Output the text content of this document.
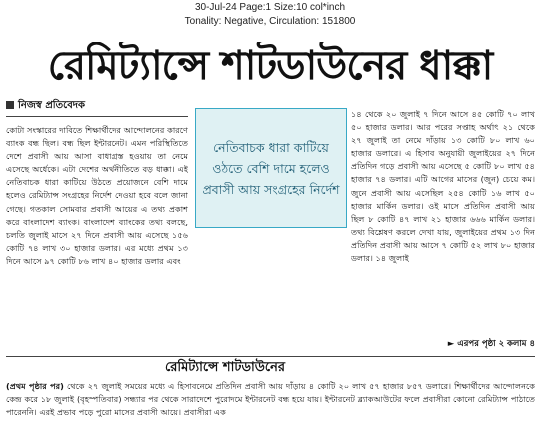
30-Jul-24 Page:1 Size:10 col*inch
Tonality: Negative, Circulation: 151800
রেমিট্যান্সে শাটডাউনের ধাক্কা
নিজস্ব প্রতিবেদক
কোটা সংস্কারের দাবিতে শিক্ষার্থীদের আন্দোলনের কারণে ব্যাংক বন্ধ ছিল। বন্ধ ছিল ইন্টারনেট। এমন পরিস্থিতিতে দেশে প্রবাসী আয় আসা বাধাগ্রস্ত হওয়ায় তা নেমে এসেছে অর্ধেকে। এটা দেশের অর্থনীতিতে বড় ধাক্কা। এই নেতিবাচক ধারা কাটিয়ে উঠতে প্রয়োজনে বেশি দামে হলেও রেমিট্যান্স সংগ্রহের নির্দেশ দেওয়া হবে বলে জানা গেছে। গতকাল সোমবার প্রবাসী আয়ের এ তথ্য প্রকাশ করে বাংলাদেশ ব্যাংক। বাংলাদেশ ব্যাংকের তথ্য বলছে, চলতি জুলাই মাসে ২৭ দিনে প্রবাসী আয় এসেছে ১৫৬ কোটি ৭৪ লাখ ৩০ হাজার ডলার। এর মধ্যে প্রথম ১৩ দিনে আসে ৯৭ কোটি ৮৬ লাখ ৪০ হাজার ডলার এবং
নেতিবাচক ধারা কাটিয়ে ওঠতে বেশি দামে হলেও প্রবাসী আয় সংগ্রহের নির্দেশ
১৪ থেকে ২০ জুলাই ৭ দিনে আসে ৪৫ কোটি ৭০ লাখ ৫০ হাজার ডলার। আর পরের সপ্তাহ অর্থাৎ ২১ থেকে ২৭ জুলাই তা নেমে দাঁড়ায় ১৩ কোটি ৮০ লাখ ৬০ হাজার ডলারে। এ হিসাব অনুযায়ী জুলাইয়ের ২৭ দিনে প্রতিদিন গড়ে প্রবাসী আয় এসেছে ৫ কোটি ৮০ লাখ ৫৪ হাজার ৭৪ ডলার। এটি আগের মাসের (জুন) চেয়ে কম। জুনে প্রবাসী আয় এসেছিল ২৫৪ কোটি ১৬ লাখ ৫০ হাজার মার্কিন ডলার। ওই মাসে প্রতিদিন প্রবাসী আয় ছিল ৮ কোটি ৪৭ লাখ ২১ হাজার ৬৬৬ মার্কিন ডলার। তথ্য বিশ্লেষণ করলে দেখা যায়, জুলাইয়ের প্রথম ১৩ দিন প্রতিদিন প্রবাসী আয় আসে ৭ কোটি ৫২ লাখ ৮০ হাজার ডলার। ১৪ জুলাই
► এরপর পৃষ্ঠা ২ কলাম ৪
রেমিট্যান্সে শাটডাউনের
(প্রথম পৃষ্ঠার পর) থেকে ২৭ জুলাই সময়ের মধ্যে এ হিসাবনেমে প্রতিদিন প্রবাসী আয় দাঁড়ায় ৪ কোটি ২০ লাখ ৫৭ হাজার ৮৫৭ ডলারে। শিক্ষার্থীদের আন্দোলনকে কেন্দ্র করে ১৮ জুলাই (বৃহস্পতিবার) সন্ধ্যার পর থেকে সারাদেশে পুরোদমে ইন্টারনেট বন্ধ হয়ে যায়। ইন্টারনেট ব্ল্যাকআউটের ফলে প্রবাসীরা কোনো রেমিট্যান্স পাঠাতে পারেননি। এরই প্রভাব পড়ে পুরো মাসের প্রবাসী আয়ে। প্রবাসীরা এক
